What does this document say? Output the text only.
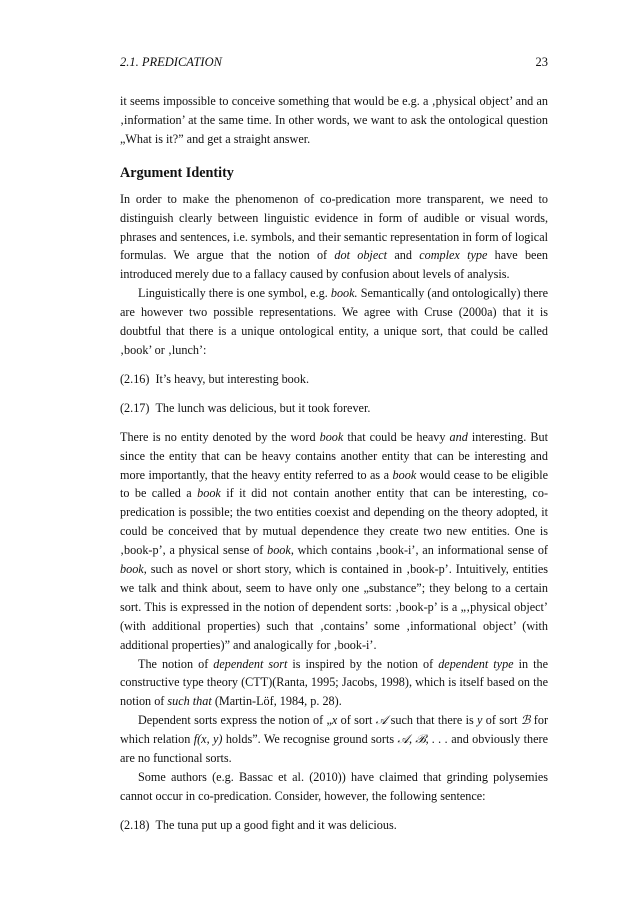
2.1. PREDICATION	23

it seems impossible to conceive something that would be e.g. a ‚physical object’ and an ‚information’ at the same time. In other words, we want to ask the ontological question „What is it?” and get a straight answer.

Argument Identity

In order to make the phenomenon of co-predication more transparent, we need to distinguish clearly between linguistic evidence in form of audible or visual words, phrases and sentences, i.e. symbols, and their semantic representation in form of logical formulas. We argue that the notion of dot object and complex type have been introduced merely due to a fallacy caused by confusion about levels of analysis.

Linguistically there is one symbol, e.g. book. Semantically (and ontologically) there are however two possible representations. We agree with Cruse (2000a) that it is doubtful that there is a unique ontological entity, a unique sort, that could be called ‚book’ or ‚lunch’:

(2.16) It’s heavy, but interesting book.

(2.17) The lunch was delicious, but it took forever.

There is no entity denoted by the word book that could be heavy and interesting. But since the entity that can be heavy contains another entity that can be interesting and more importantly, that the heavy entity referred to as a book would cease to be eligible to be called a book if it did not contain another entity that can be interesting, co-predication is possible; the two entities coexist and depending on the theory adopted, it could be conceived that by mutual dependence they create two new entities. One is ‚book-p’, a physical sense of book, which contains ‚book-i’, an informational sense of book, such as novel or short story, which is contained in ‚book-p’. Intuitively, entities we talk and think about, seem to have only one „substance”; they belong to a certain sort. This is expressed in the notion of dependent sorts: ‚book-p’ is a „‚physical object’ (with additional properties) such that ‚contains’ some ‚informational object’ (with additional properties)” and analogically for ‚book-i’.

The notion of dependent sort is inspired by the notion of dependent type in the constructive type theory (CTT)(Ranta, 1995; Jacobs, 1998), which is itself based on the notion of such that (Martin-Löf, 1984, p. 28).

Dependent sorts express the notion of „x of sort 𝒜 such that there is y of sort ℬ for which relation f(x, y) holds”. We recognise ground sorts 𝒜, ℬ, . . . and obviously there are no functional sorts.

Some authors (e.g. Bassac et al. (2010)) have claimed that grinding polysemies cannot occur in co-predication. Consider, however, the following sentence:

(2.18) The tuna put up a good fight and it was delicious.
